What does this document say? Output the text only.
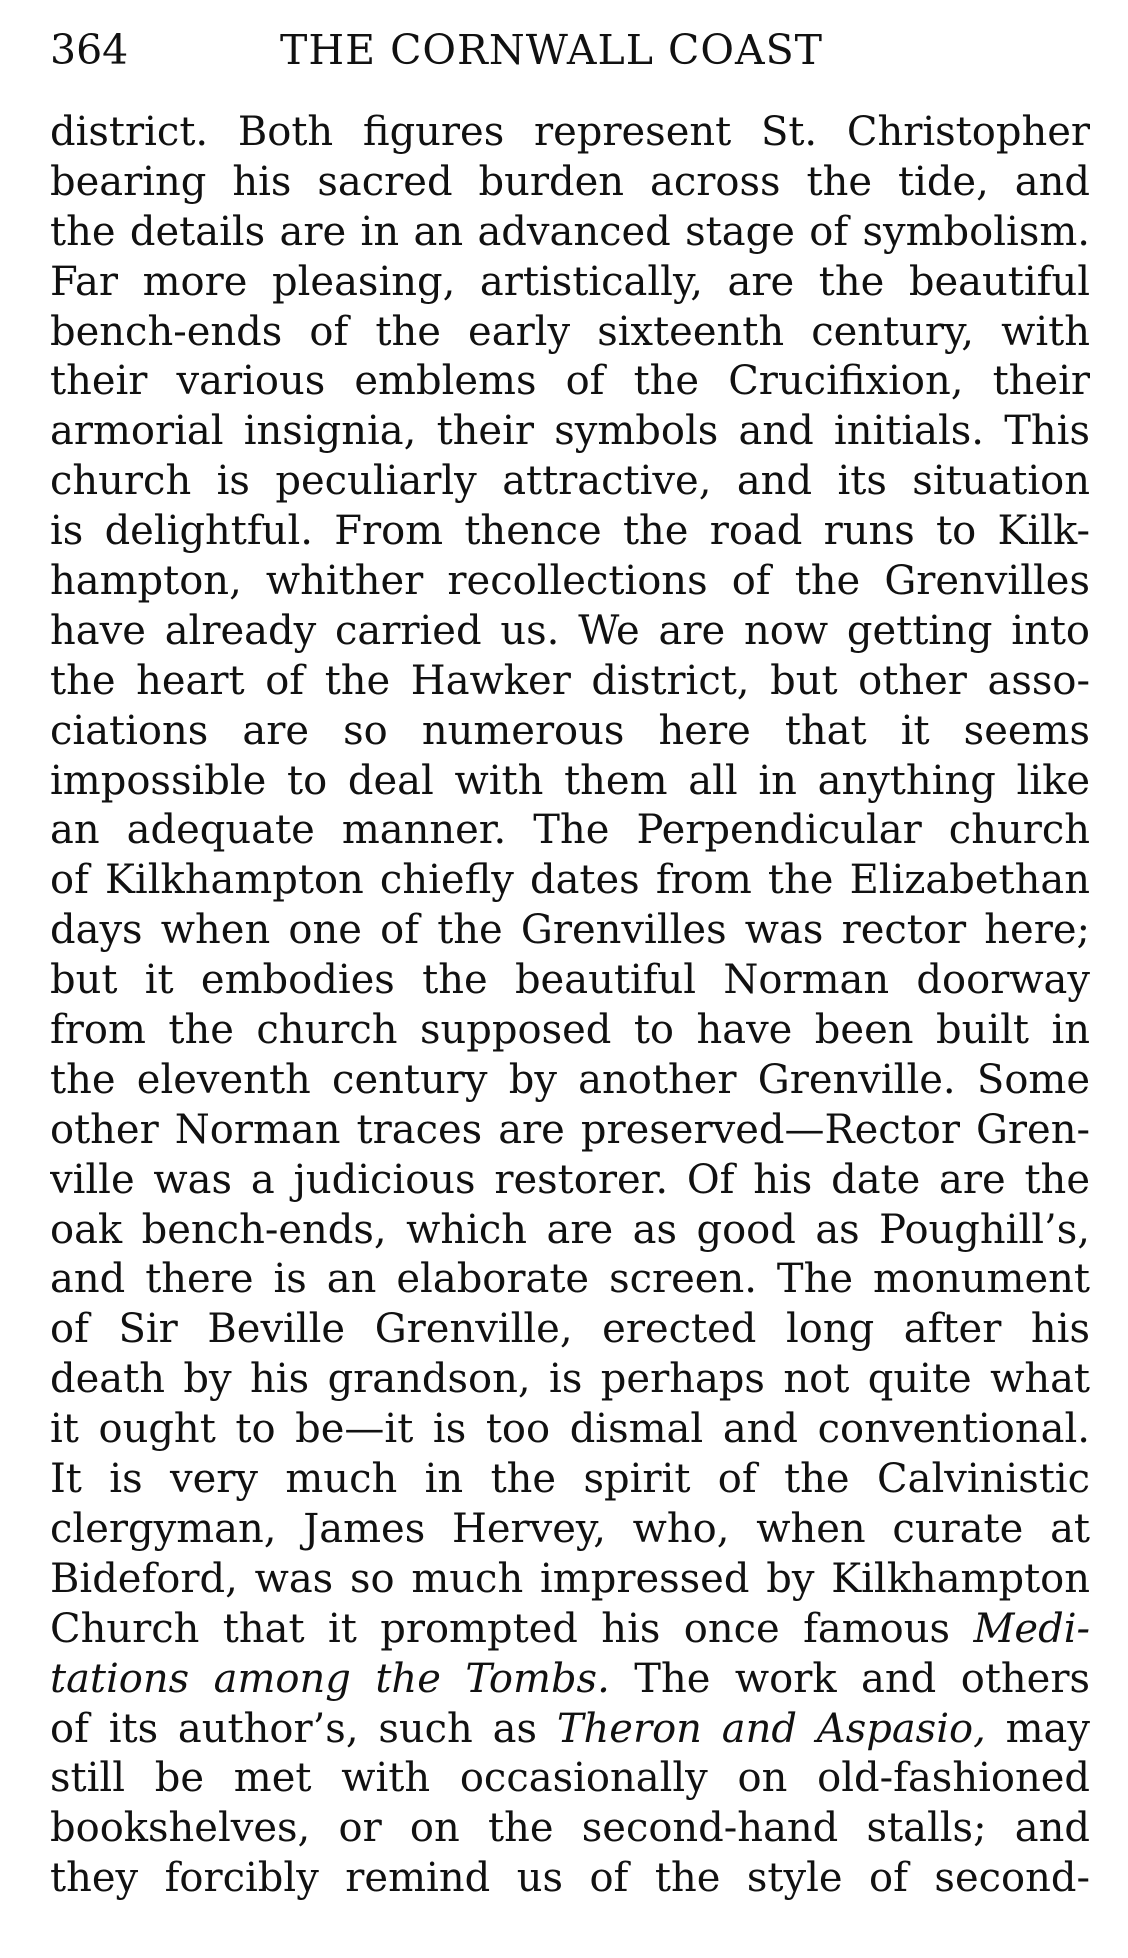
364	THE CORNWALL COAST
district. Both figures represent St. Christopher
bearing his sacred burden across the tide, and
the details are in an advanced stage of symbolism.
Far more pleasing, artistically, are the beautiful
bench-ends of the early sixteenth century, with
their various emblems of the Crucifixion, their
armorial insignia, their symbols and initials. This
church is peculiarly attractive, and its situation
is delightful. From thence the road runs to Kilk-
hampton, whither recollections of the Grenvilles
have already carried us. We are now getting into
the heart of the Hawker district, but other asso-
ciations are so numerous here that it seems
impossible to deal with them all in anything like
an adequate manner. The Perpendicular church
of Kilkhampton chiefly dates from the Elizabethan
days when one of the Grenvilles was rector here;
but it embodies the beautiful Norman doorway
from the church supposed to have been built in
the eleventh century by another Grenville. Some
other Norman traces are preserved—Rector Gren-
ville was a judicious restorer. Of his date are the
oak bench-ends, which are as good as Poughill’s,
and there is an elaborate screen. The monument
of Sir Beville Grenville, erected long after his
death by his grandson, is perhaps not quite what
it ought to be—it is too dismal and conventional.
It is very much in the spirit of the Calvinistic
clergyman, James Hervey, who, when curate at
Bideford, was so much impressed by Kilkhampton
Church that it prompted his once famous Medi-
tations among the Tombs. The work and others
of its author’s, such as Theron and Aspasio, may
still be met with occasionally on old-fashioned
bookshelves, or on the second-hand stalls; and
they forcibly remind us of the style of second-
